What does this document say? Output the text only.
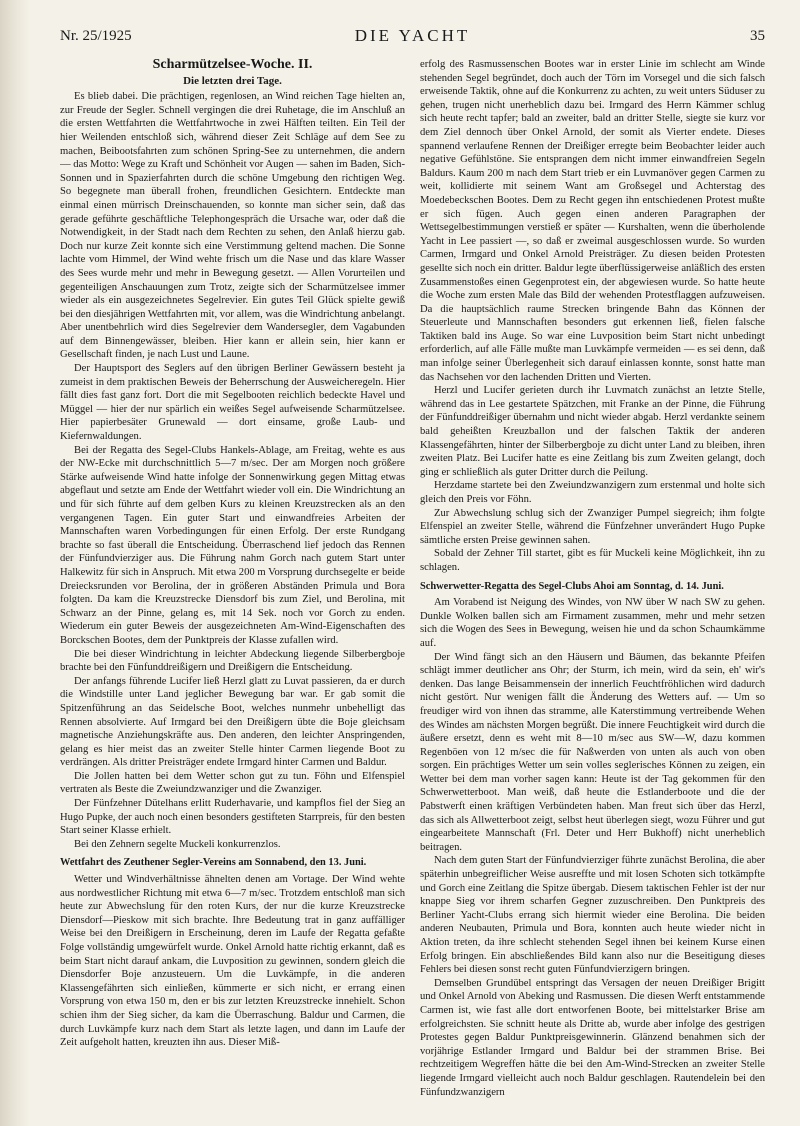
Nr. 25/1925	DIE YACHT	35
Scharmützelsee-Woche. II.
Die letzten drei Tage.

Es blieb dabei. Die prächtigen, regenlosen, an Wind reichen Tage hielten an, zur Freude der Segler. Schnell vergingen die drei Ruhetage, die im Anschluß an die ersten Wettfahrten die Wettfahrtwoche in zwei Hälften teilten. Ein Teil der hier Weilenden entschloß sich, während dieser Zeit Schläge auf dem See zu machen, Beibootsfahrten zum schönen Spring-See zu unternehmen, die andern — das Motto: Wege zu Kraft und Schönheit vor Augen — sahen im Baden, Sich-Sonnen und in Spazierfahrten durch die schöne Umgebung den richtigen Weg. So begegnete man überall frohen, freundlichen Gesichtern. Entdeckte man einmal einen mürrisch Dreinschauenden, so konnte man sicher sein, daß das gerade geführte geschäftliche Telephongespräch die Ursache war, oder daß die Notwendigkeit, in der Stadt nach dem Rechten zu sehen, den Anlaß hierzu gab. Doch nur kurze Zeit konnte sich eine Verstimmung geltend machen. Die Sonne lachte vom Himmel, der Wind wehte frisch um die Nase und das klare Wasser des Sees wurde mehr und mehr in Bewegung gesetzt. — Allen Vorurteilen und gegenteiligen Anschauungen zum Trotz, zeigte sich der Scharmützelsee immer wieder als ein ausgezeichnetes Segelrevier. Ein gutes Teil Glück spielte gewiß bei den diesjährigen Wettfahrten mit, vor allem, was die Windrichtung anbelangt. Aber unentbehrlich wird dies Segelrevier dem Wandersegler, dem Vagabunden auf dem Binnengewässer, bleiben. Hier kann er allein sein, hier kann er Gesellschaft finden, je nach Lust und Laune.

Der Hauptsport des Seglers auf den übrigen Berliner Gewässern besteht ja zumeist in dem praktischen Beweis der Beherrschung der Ausweicheregeln. Hier fällt dies fast ganz fort. Dort die mit Segelbooten reichlich bedeckte Havel und Müggel — hier der nur spärlich ein weißes Segel aufweisende Scharmützelsee. Hier papierbesäter Grunewald — dort einsame, große Laub- und Kiefernwaldungen.

Bei der Regatta des Segel-Clubs Hankels-Ablage, am Freitag, wehte es aus der NW-Ecke mit durchschnittlich 5—7 m/sec. Der am Morgen noch größere Stärke aufweisende Wind hatte infolge der Sonnenwirkung gegen Mittag etwas abgeflaut und setzte am Ende der Wettfahrt wieder voll ein. Die Windrichtung an und für sich führte auf dem gelben Kurs zu kleinen Kreuzstrecken als an den vergangenen Tagen. Ein guter Start und einwandfreies Arbeiten der Mannschaften waren Vorbedingungen für einen Erfolg. Der erste Rundgang brachte so fast überall die Entscheidung. Überraschend lief jedoch das Rennen der Fünfundvierziger aus. Die Führung nahm Gorch nach gutem Start unter Halkewitz für sich in Anspruch. Mit etwa 200 m Vorsprung durchsegelte er beide Dreiecksrunden vor Berolina, der in größeren Abständen Primula und Bora folgten. Da kam die Kreuzstrecke Diensdorf bis zum Ziel, und Berolina, mit Schwarz an der Pinne, gelang es, mit 14 Sek. noch vor Gorch zu enden. Wiederum ein guter Beweis der ausgezeichneten Am-Wind-Eigenschaften des Borckschen Bootes, dem der Punktpreis der Klasse zufallen wird.

Die bei dieser Windrichtung in leichter Abdeckung liegende Silberbergboje brachte bei den Fünfunddreißigern und Dreißigern die Entscheidung.

Der anfangs führende Lucifer ließ Herzl glatt zu Luvat passieren, da er durch die Windstille unter Land jeglicher Bewegung bar war. Er gab somit die Spitzenführung an das Seidelsche Boot, welches nunmehr unbehelligt das Rennen absolvierte. Auf Irmgard bei den Dreißigern übte die Boje gleichsam magnetische Anziehungskräfte aus. Den anderen, den leichter Anspringenden, gelang es hier meist das an zweiter Stelle hinter Carmen liegende Boot zu verdrängen. Als dritter Preisträger endete Irmgard hinter Carmen und Baldur.

Die Jollen hatten bei dem Wetter schon gut zu tun. Föhn und Elfenspiel vertraten als Beste die Zweiundzwanziger und die Zwanziger.

Der Fünfzehner Dütelhans erlitt Ruderhavarie, und kampflos fiel der Sieg an Hugo Pupke, der auch noch einen besonders gestifteten Starrpreis, für den besten Start seiner Klasse erhielt.

Bei den Zehnern segelte Muckeli konkurrenzlos.

Wettfahrt des Zeuthener Segler-Vereins am Sonnabend, den 13. Juni.

Wetter und Windverhältnisse ähnelten denen am Vortage. Der Wind wehte aus nordwestlicher Richtung mit etwa 6—7 m/sec. Trotzdem entschloß man sich heute zur Abwechslung für den roten Kurs, der nur die kurze Kreuzstrecke Diensdorf—Pieskow mit sich brachte. Ihre Bedeutung trat in ganz auffälliger Weise bei den Dreißigern in Erscheinung, deren im Laufe der Regatta gefaßte Folge vollständig umgewürfelt wurde. Onkel Arnold hatte richtig erkannt, daß es beim Start nicht darauf ankam, die Luvposition zu gewinnen, sondern gleich die Diensdorfer Boje anzusteuern. Um die Luvkämpfe, in die anderen Klassengefährten sich einließen, kümmerte er sich nicht, er errang einen Vorsprung von etwa 150 m, den er bis zur letzten Kreuzstrecke innehielt. Schon schien ihm der Sieg sicher, da kam die Überraschung. Baldur und Carmen, die durch Luvkämpfe kurz nach dem Start als letzte lagen, und dann im Laufe der Zeit aufgeholt hatten, kreuzten ihn aus. Dieser Miß-

erfolg des Rasmussenschen Bootes war in erster Linie im schlecht am Winde stehenden Segel begründet, doch auch der Törn im Vorsegel und die sich falsch erweisende Taktik, ohne auf die Konkurrenz zu achten, zu weit unters Süduser zu gehen, trugen nicht unerheblich dazu bei. Irmgard des Herrn Kämmer schlug sich heute recht tapfer; bald an zweiter, bald an dritter Stelle, siegte sie kurz vor dem Ziel dennoch über Onkel Arnold, der somit als Vierter endete. Dieses spannend verlaufene Rennen der Dreißiger erregte beim Beobachter leider auch negative Gefühlstöne. Sie entsprangen dem nicht immer einwandfreien Segeln Baldurs. Kaum 200 m nach dem Start trieb er ein Luvmanöver gegen Carmen zu weit, kollidierte mit seinem Want am Großsegel und Achterstag des Moedebeckschen Bootes. Dem zu Recht gegen ihn entschiedenen Protest mußte er sich fügen. Auch gegen einen anderen Paragraphen der Wettsegelbestimmungen verstieß er später — Kurshalten, wenn die überholende Yacht in Lee passiert —, so daß er zweimal ausgeschlossen wurde. So wurden Carmen, Irmgard und Onkel Arnold Preisträger. Zu diesen beiden Protesten gesellte sich noch ein dritter. Baldur legte überflüssigerweise anläßlich des ersten Zusammenstoßes einen Gegenprotest ein, der abgewiesen wurde. So hatte heute die Woche zum ersten Male das Bild der wehenden Protestflaggen aufzuweisen. Da die hauptsächlich raume Strecken bringende Bahn das Können der Steuerleute und Mannschaften besonders gut erkennen ließ, fielen falsche Taktiken bald ins Auge. So war eine Luvposition beim Start nicht unbedingt erforderlich, auf alle Fälle mußte man Luvkämpfe vermeiden — es sei denn, daß man infolge seiner Überlegenheit sich darauf einlassen konnte, sonst hatte man das Nachsehen vor den lachenden Dritten und Vierten.

Herzl und Lucifer gerieten durch ihr Luvmatch zunächst an letzte Stelle, während das in Lee gestartete Spätzchen, mit Franke an der Pinne, die Führung der Fünfunddreißiger übernahm und nicht wieder abgab. Herzl verdankte seinem bald geheißten Kreuzballon und der falschen Taktik der anderen Klassengefährten, hinter der Silberbergboje zu dicht unter Land zu bleiben, ihren zweiten Platz. Bei Lucifer hatte es eine Zeitlang bis zum Zweiten gelangt, doch ging er schließlich als guter Dritter durch die Peilung.

Herzdame startete bei den Zweiundzwanzigern zum erstenmal und holte sich gleich den Preis vor Föhn.

Zur Abwechslung schlug sich der Zwanziger Pumpel siegreich; ihm folgte Elfenspiel an zweiter Stelle, während die Fünfzehner unverändert Hugo Pupke sämtliche ersten Preise gewinnen sahen.

Sobald der Zehner Till startet, gibt es für Muckeli keine Möglichkeit, ihn zu schlagen.

Schwerwetter-Regatta des Segel-Clubs Ahoi am Sonntag, d. 14. Juni.

Am Vorabend ist Neigung des Windes, von NW über W nach SW zu gehen. Dunkle Wolken ballen sich am Firmament zusammen, mehr und mehr setzen sich die Wogen des Sees in Bewegung, weisen hie und da schon Schaumkämme auf.

Der Wind fängt sich an den Häusern und Bäumen, das bekannte Pfeifen schlägt immer deutlicher ans Ohr; der Sturm, ich mein, wird da sein, eh' wir's denken. Das lange Beisammensein der innerlich Feuchtfröhlichen wird dadurch nicht gestört. Nur wenigen fällt die Änderung des Wetters auf. — Um so freudiger wird von ihnen das stramme, alle Katerstimmung vertreibende Wehen des Windes am nächsten Morgen begrüßt. Die innere Feuchtigkeit wird durch die äußere ersetzt, denn es weht mit 8—10 m/sec aus SW—W, dazu kommen Regenböen von 12 m/sec die für Naßwerden von unten als auch von oben sorgen. Ein prächtiges Wetter um sein volles seglerisches Können zu zeigen, ein Wetter bei dem man vorher sagen kann: Heute ist der Tag gekommen für den Schwerwetterboot. Man weiß, daß heute die Estlanderboote und die der Pabstwerft einen kräftigen Verbündeten haben. Man freut sich über das Herzl, das sich als Allwetterboot zeigt, selbst heut überlegen siegt, wozu Führer und gut eingearbeitete Mannschaft (Frl. Deter und Herr Bukhoff) nicht unerheblich beitragen.

Nach dem guten Start der Fünfundvierziger führte zunächst Berolina, die aber späterhin unbegreiflicher Weise ausreffte und mit losen Schoten sich totkämpfte und Gorch eine Zeitlang die Spitze übergab. Diesem taktischen Fehler ist der nur knappe Sieg vor ihrem scharfen Gegner zuzuschreiben. Den Punktpreis des Berliner Yacht-Clubs errang sich hiermit wieder eine Berolina. Die beiden anderen Neubauten, Primula und Bora, konnten auch heute wieder nicht in Aktion treten, da ihre schlecht stehenden Segel ihnen bei keinem Kurse einen Erfolg bringen. Ein abschließendes Bild kann also nur die Beseitigung dieses Fehlers bei diesen sonst recht guten Fünfundvierzigern bringen.

Demselben Grundübel entspringt das Versagen der neuen Dreißiger Brigitt und Onkel Arnold von Abeking und Rasmussen. Die diesen Werft entstammende Carmen ist, wie fast alle dort entworfenen Boote, bei mittelstarker Brise am erfolgreichsten. Sie schnitt heute als Dritte ab, wurde aber infolge des gestrigen Protestes gegen Baldur Punktpreisgewinnerin. Glänzend benahmen sich der vorjährige Estlander Irmgard und Baldur bei der strammen Brise. Bei rechtzeitigem Wegreffen hätte die bei den Am-Wind-Strecken an zweiter Stelle liegende Irmgard vielleicht auch noch Baldur geschlagen. Rautendelein bei den Fünfundzwanzigern
